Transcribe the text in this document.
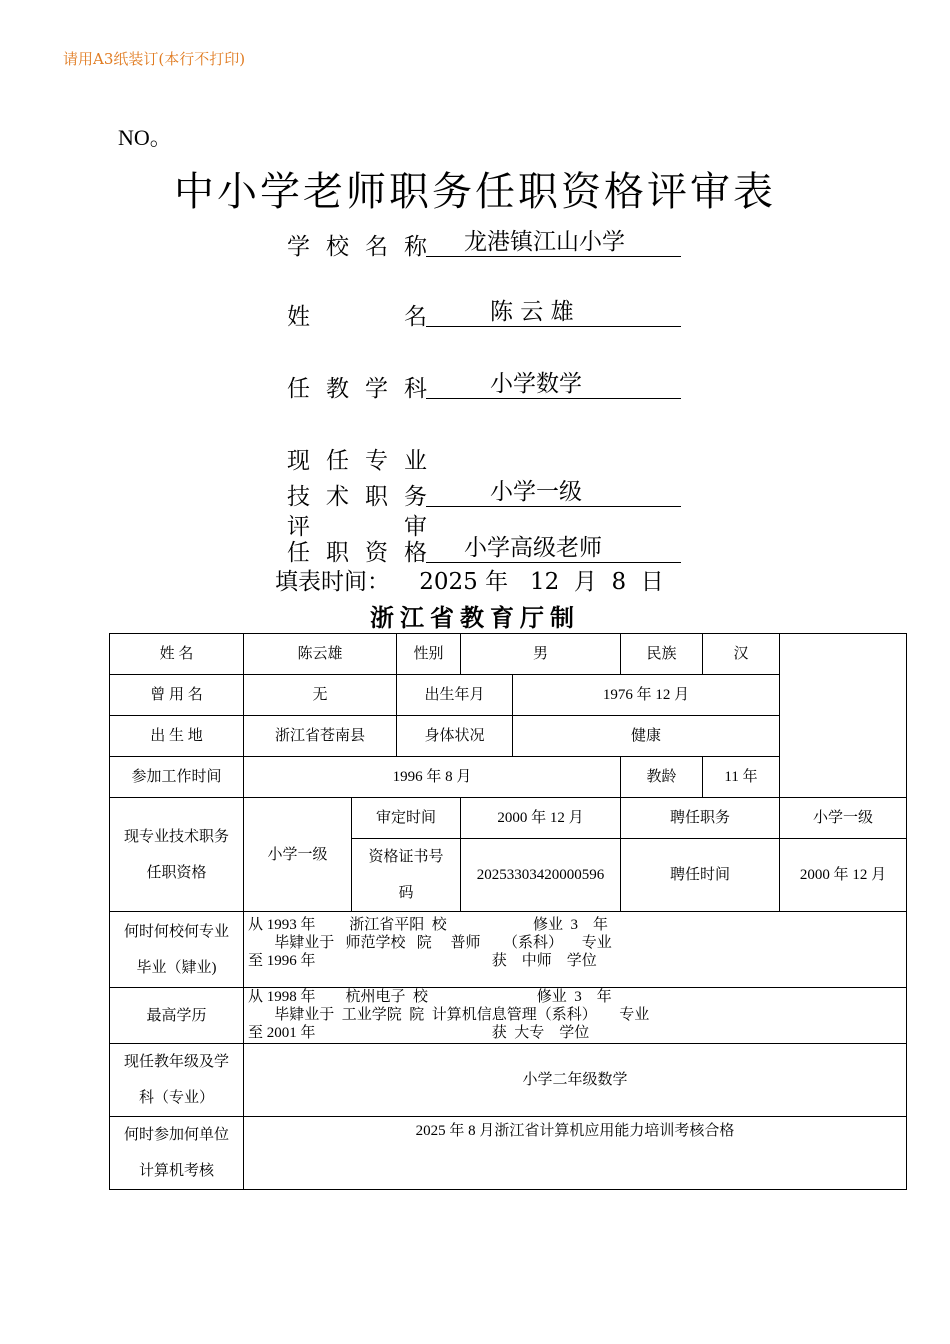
请用A3纸装订(本行不打印)
NO。
中小学老师职务任职资格评审表
学 校 名 称 龙港镇江山小学
姓	名	陈 云 雄
任 教 学 科	小学数学
现 任 专 业
技 术 职 务	小学一级
评	审
任 职 资 格 小学高级老师
填表时间：    2025 年   12  月  8  日
浙江省教育厅制
姓 名	陈云雄		性别	男		民族	汉	
曾 用 名	无		出生年月		1976 年 12 月			
出 生 地	浙江省苍南县		身体状况		健康			
参加工作时间	1996 年 8 月					教龄	11 年	
现专业技术职务任职资格	小学一级	审定时间		2000 年 12 月		聘任职务		小学一级
		资格证书号码		20253303420000596		聘任时间		2000 年 12 月
何时何校何专业毕业（肄业)	从 1993 年         浙江省平阳  校                       修业  3    年
毕肄业于   师范学校   院     普师      （系科）     专业
至 1996 年                                               获    中师    学位							

最高学历	从 1998 年        杭州电子  校                             修业  3    年
毕肄业于  工业学院  院  计算机信息管理（系科）      专业
至 2001 年                                               获  大专    学位							

现任教年级及学科（专业）	小学二年级数学							
何时参加何单位计算机考核	2025 年 8 月浙江省计算机应用能力培训考核合格							
